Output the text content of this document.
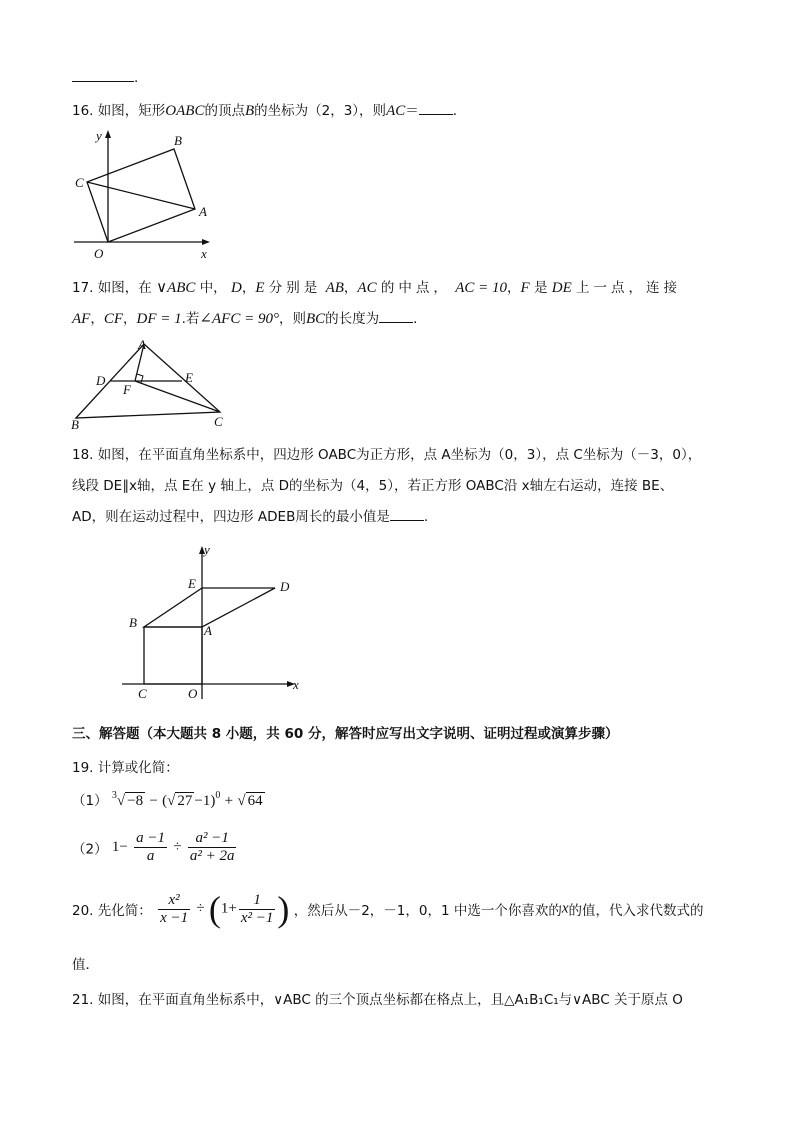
.
16. 如图，矩形OABC的顶点B的坐标为（2，3），则AC＝	.
y	B
C
A
O	x
17. 如图，在 ∨ABC 中， D，E 分别是 AB，AC 的中点， AC = 10，F 是 DE 上一点，连接
AF，CF，DF = 1.若∠AFC = 90°，则BC的长度为	.
A
D	E
F
B	C
18. 如图，在平面直角坐标系中，四边形 OABC为正方形，点 A坐标为（0，3），点 C坐标为（－3，0），
线段 DE∥x轴，点 E在 y 轴上，点 D的坐标为（4，5），若正方形 OABC沿 x轴左右运动，连接 BE、
AD，则在运动过程中，四边形 ADEB周长的最小值是	.
y
E	D
B
A
C	O
x
三、解答题（本大题共 8 小题，共 60 分，解答时应写出文字说明、证明过程或演算步骤）
19. 计算或化简：
（1） $^3$√ −8 − (√ 27 −1)$^0$ + √ 64
（2） $1- \frac{a -1}{a} \div \frac{\text{a² −1}}{\text{a² + 2a}}$
20. 先化简： $\frac{\text{x²}}{x -1} \div (1+ \frac{1}{\text{x² −1}}$ ) ，然后从－2，－1，0，1 中选一个你喜欢的x的值，代入求代数式的
值．
21. 如图，在平面直角坐标系中，∨ABC 的三个顶点坐标都在格点上，且△A₁B₁C₁与∨ABC 关于原点 O
